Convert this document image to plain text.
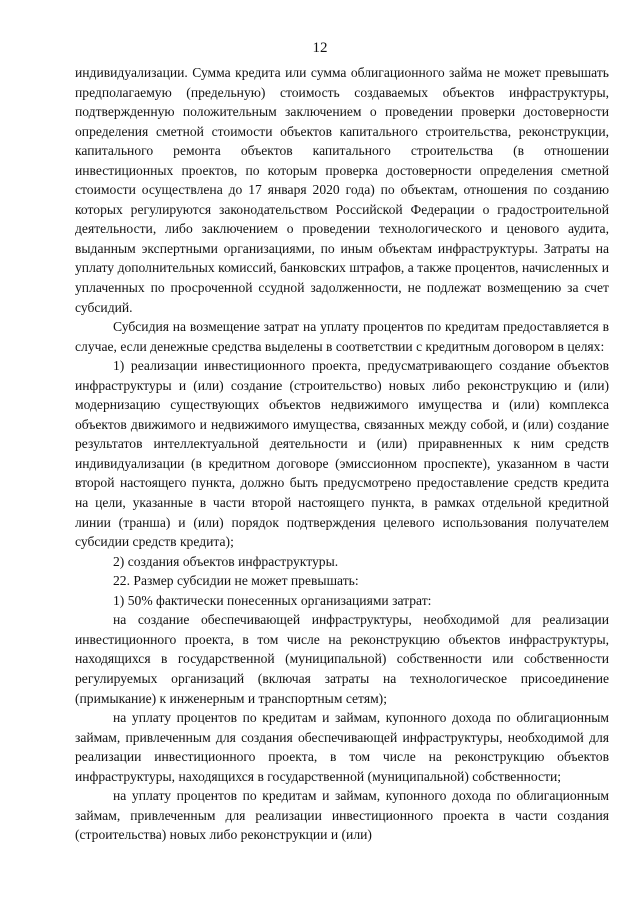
12

индивидуализации. Сумма кредита или сумма облигационного займа не может превышать предполагаемую (предельную) стоимость создаваемых объектов инфраструктуры, подтвержденную положительным заключением о проведении проверки достоверности определения сметной стоимости объектов капитального строительства, реконструкции, капитального ремонта объектов капитального строительства (в отношении инвестиционных проектов, по которым проверка достоверности определения сметной стоимости осуществлена до 17 января 2020 года) по объектам, отношения по созданию которых регулируются законодательством Российской Федерации о градостроительной деятельности, либо заключением о проведении технологического и ценового аудита, выданным экспертными организациями, по иным объектам инфраструктуры. Затраты на уплату дополнительных комиссий, банковских штрафов, а также процентов, начисленных и уплаченных по просроченной ссудной задолженности, не подлежат возмещению за счет субсидий.

Субсидия на возмещение затрат на уплату процентов по кредитам предоставляется в случае, если денежные средства выделены в соответствии с кредитным договором в целях:

1) реализации инвестиционного проекта, предусматривающего создание объектов инфраструктуры и (или) создание (строительство) новых либо реконструкцию и (или) модернизацию существующих объектов недвижимого имущества и (или) комплекса объектов движимого и недвижимого имущества, связанных между собой, и (или) создание результатов интеллектуальной деятельности и (или) приравненных к ним средств индивидуализации (в кредитном договоре (эмиссионном проспекте), указанном в части второй настоящего пункта, должно быть предусмотрено предоставление средств кредита на цели, указанные в части второй настоящего пункта, в рамках отдельной кредитной линии (транша) и (или) порядок подтверждения целевого использования получателем субсидии средств кредита);

2) создания объектов инфраструктуры.

22. Размер субсидии не может превышать:

1) 50% фактически понесенных организациями затрат:

на создание обеспечивающей инфраструктуры, необходимой для реализации инвестиционного проекта, в том числе на реконструкцию объектов инфраструктуры, находящихся в государственной (муниципальной) собственности или собственности регулируемых организаций (включая затраты на технологическое присоединение (примыкание) к инженерным и транспортным сетям);

на уплату процентов по кредитам и займам, купонного дохода по облигационным займам, привлеченным для создания обеспечивающей инфраструктуры, необходимой для реализации инвестиционного проекта, в том числе на реконструкцию объектов инфраструктуры, находящихся в государственной (муниципальной) собственности;

на уплату процентов по кредитам и займам, купонного дохода по облигационным займам, привлеченным для реализации инвестиционного проекта в части создания (строительства) новых либо реконструкции и (или)
